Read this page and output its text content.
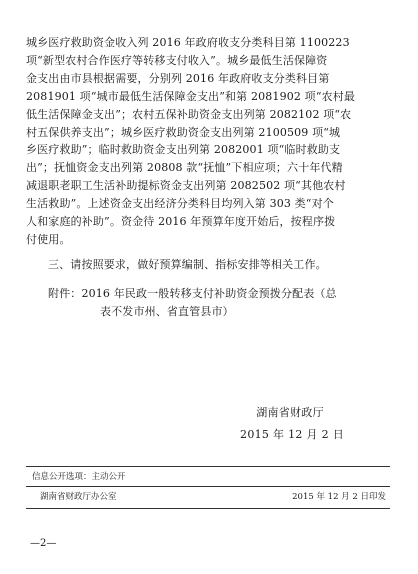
城乡医疗救助资金收入列 2016 年政府收支分类科目第 1100223
项“新型农村合作医疗等转移支付收入”。城乡最低生活保障资
金支出由市县根据需要，分别列 2016 年政府收支分类科目第
2081901 项“城市最低生活保障金支出”和第 2081902 项“农村最
低生活保障金支出”；农村五保补助资金支出列第 2082102 项“农
村五保供养支出”；城乡医疗救助资金支出列第 2100509 项“城
乡医疗救助”；临时救助资金支出列第 2082001 项“临时救助支
出”；抚恤资金支出列第 20808 款“抚恤”下相应项；六十年代精
减退职老职工生活补助提标资金支出列第 2082502 项“其他农村
生活救助”。上述资金支出经济分类科目均列入第 303 类“对个
人和家庭的补助”。资金待 2016 年预算年度开始后，按程序拨
付使用。
三、请按照要求，做好预算编制、指标安排等相关工作。
附件：2016 年民政一般转移支付补助资金预拨分配表（总
表不发市州、省直管县市）
湖南省财政厅
2015 年 12 月 2 日
信息公开选项：主动公开
湖南省财政厅办公室	2015 年 12 月 2 日印发
—2—
